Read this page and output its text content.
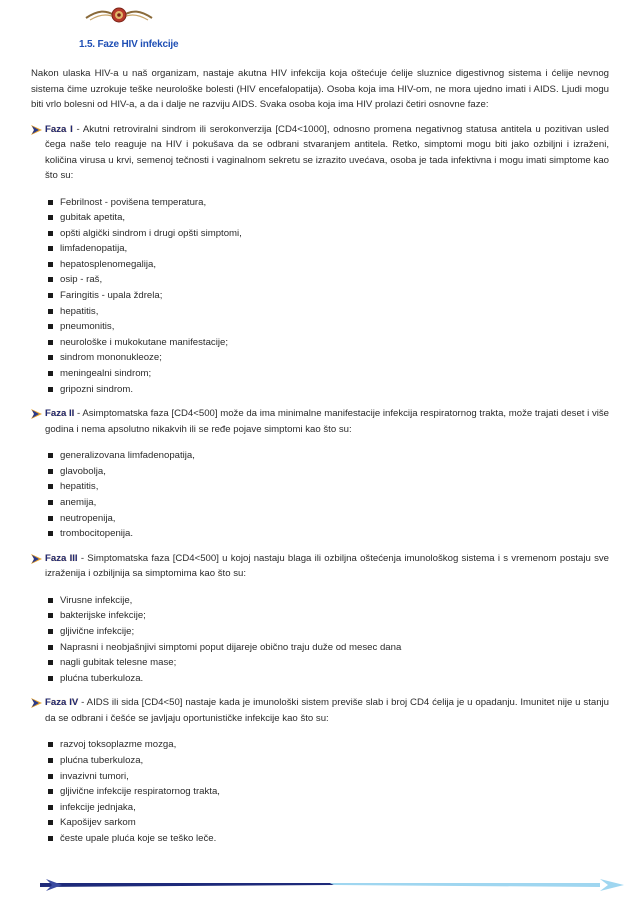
1.5. Faze HIV infekcije

Nakon ulaska HIV-a u naš organizam, nastaje akutna HIV infekcija koja oštećuje ćelije sluznice digestivnog sistema i ćelije nevnog sistema čime uzrokuje teške neurološke bolesti (HIV encefalopatija). Osoba koja ima HIV-om, ne mora ujedno imati i AIDS. Ljudi mogu biti vrlo bolesni od HIV-a, a da i dalje ne razviju AIDS. Svaka osoba koja ima HIV prolazi četiri osnovne faze:

Faza I - Akutni retroviralni sindrom ili serokonverzija [CD4<1000], odnosno promena negativnog statusa antitela u pozitivan usled čega naše telo reaguje na HIV i pokušava da se odbrani stvaranjem antitela. Retko, simptomi mogu biti jako ozbiljni i izraženi, količina virusa u krvi, semenoj tečnosti i vaginalnom sekretu se izrazito uvećava, osoba je tada infektivna i mogu imati simptome kao što su:

Febrilnost - povišena temperatura,
gubitak apetita,
opšti algički sindrom i drugi opšti simptomi,
limfadenopatija,
hepatosplenomegalija,
osip - raš,
Faringitis - upala ždrela;
hepatitis,
pneumonitis,
neurološke i mukokutane manifestacije;
sindrom mononukleoze;
meningealni sindrom;
gripozni sindrom.

Faza II - Asimptomatska faza [CD4<500] može da ima minimalne manifestacije infekcija respiratornog trakta, može trajati deset i više godina i nema apsolutno nikakvih ili se ređe pojave simptomi kao što su:

generalizovana limfadenopatija,
glavobolja,
hepatitis,
anemija,
neutropenija,
trombocitopenija.

Faza III - Simptomatska faza [CD4<500] u kojoj nastaju blaga ili ozbiljna oštećenja imunološkog sistema i s vremenom postaju sve izraženija i ozbiljnija sa simptomima kao što su:

Virusne infekcije,
bakterijske infekcije;
gljivične infekcije;
Naprasni i neobjašnjivi simptomi poput dijareje obično traju duže od mesec dana
nagli gubitak telesne mase;
plućna tuberkuloza.

Faza IV - AIDS ili sida [CD4<50] nastaje kada je imunološki sistem previše slab i broj CD4 ćelija je u opadanju. Imunitet nije u stanju da se odbrani i češće se javljaju oportunističke infekcije kao što su:

razvoj toksoplazme mozga,
plućna tuberkuloza,
invazivni tumori,
gljivične infekcije respiratornog trakta,
infekcije jednjaka,
Kapošijev sarkom
česte upale pluća koje se teško leče.
